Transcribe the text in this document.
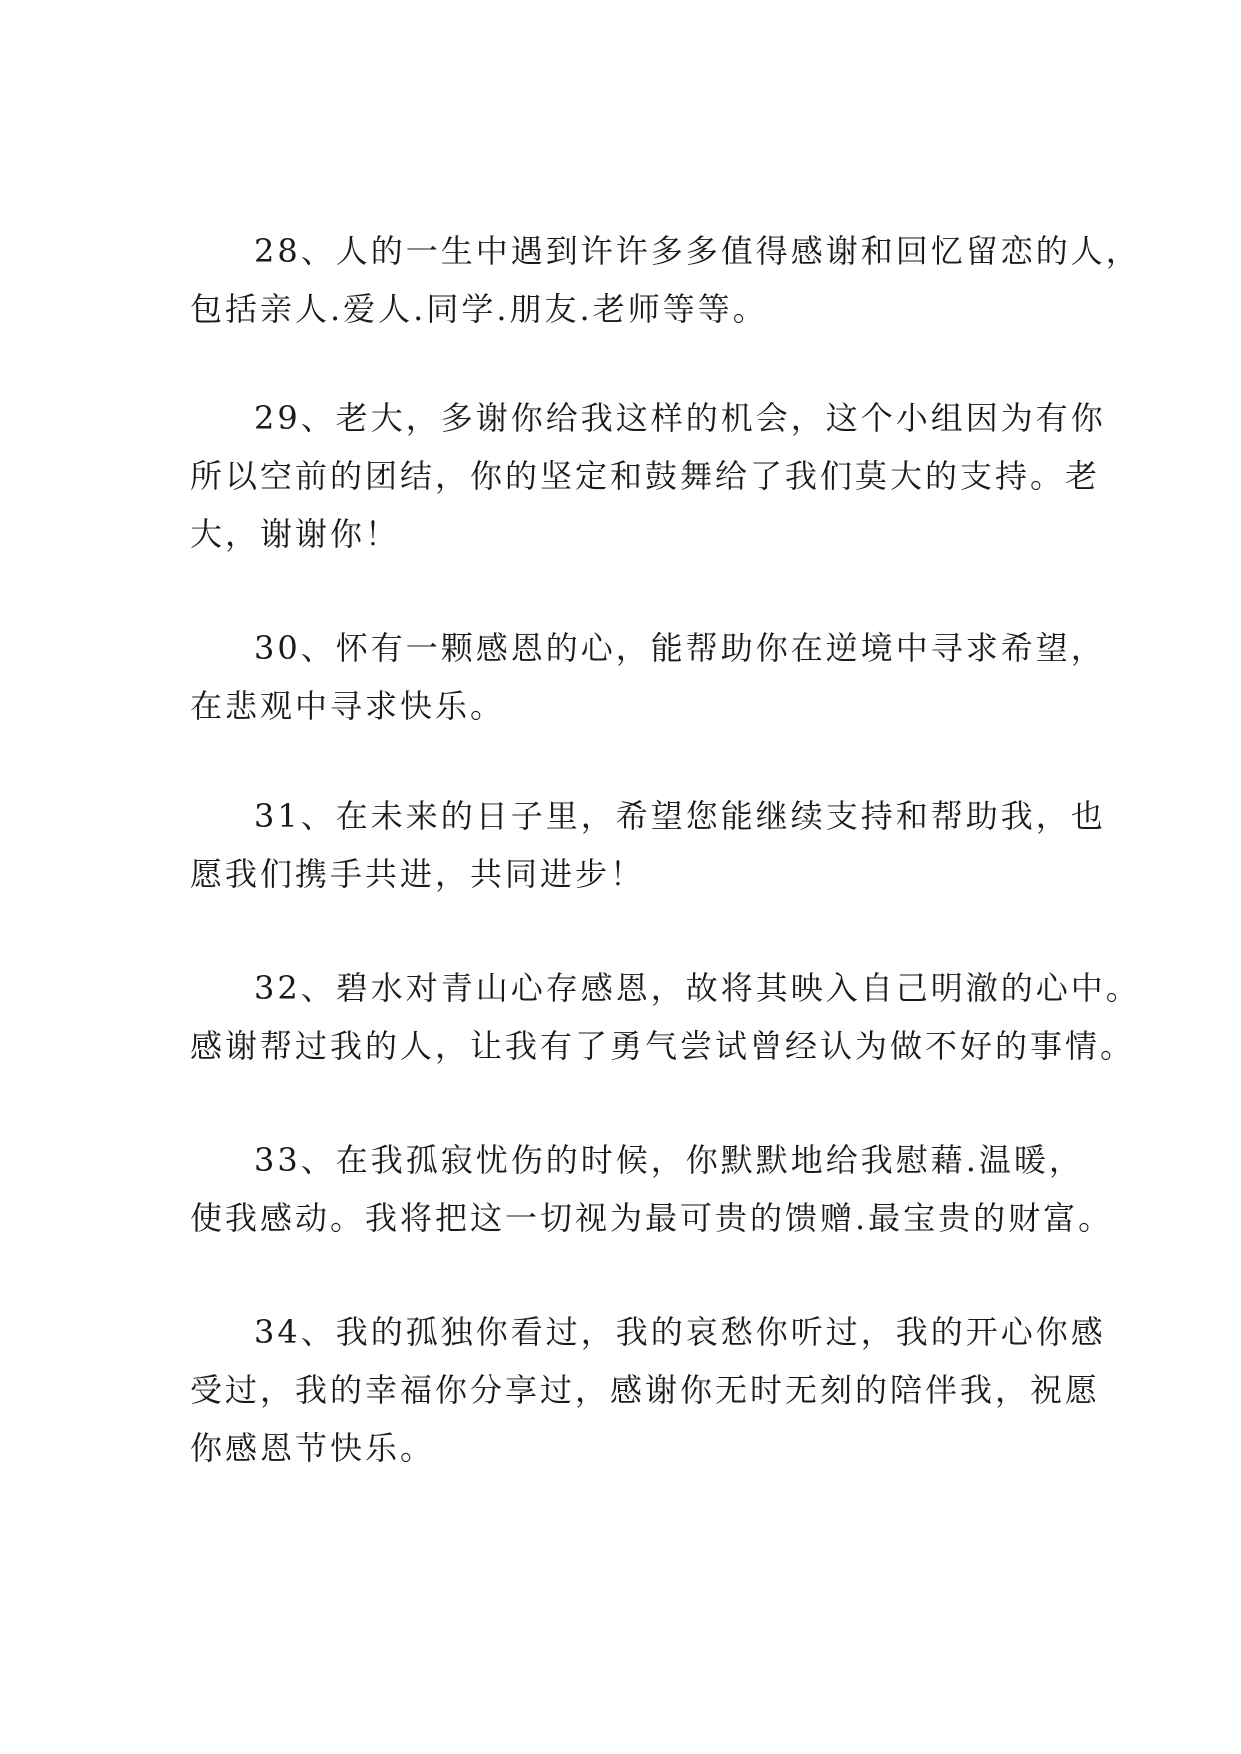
28、人的一生中遇到许许多多值得感谢和回忆留恋的人，
包括亲人.爱人.同学.朋友.老师等等。

29、老大，多谢你给我这样的机会，这个小组因为有你
所以空前的团结，你的坚定和鼓舞给了我们莫大的支持。老
大，谢谢你！

30、怀有一颗感恩的心，能帮助你在逆境中寻求希望，
在悲观中寻求快乐。

31、在未来的日子里，希望您能继续支持和帮助我，也
愿我们携手共进，共同进步！

32、碧水对青山心存感恩，故将其映入自己明澈的心中。
感谢帮过我的人，让我有了勇气尝试曾经认为做不好的事情。

33、在我孤寂忧伤的时候，你默默地给我慰藉.温暖，
使我感动。我将把这一切视为最可贵的馈赠.最宝贵的财富。

34、我的孤独你看过，我的哀愁你听过，我的开心你感
受过，我的幸福你分享过，感谢你无时无刻的陪伴我，祝愿
你感恩节快乐。
